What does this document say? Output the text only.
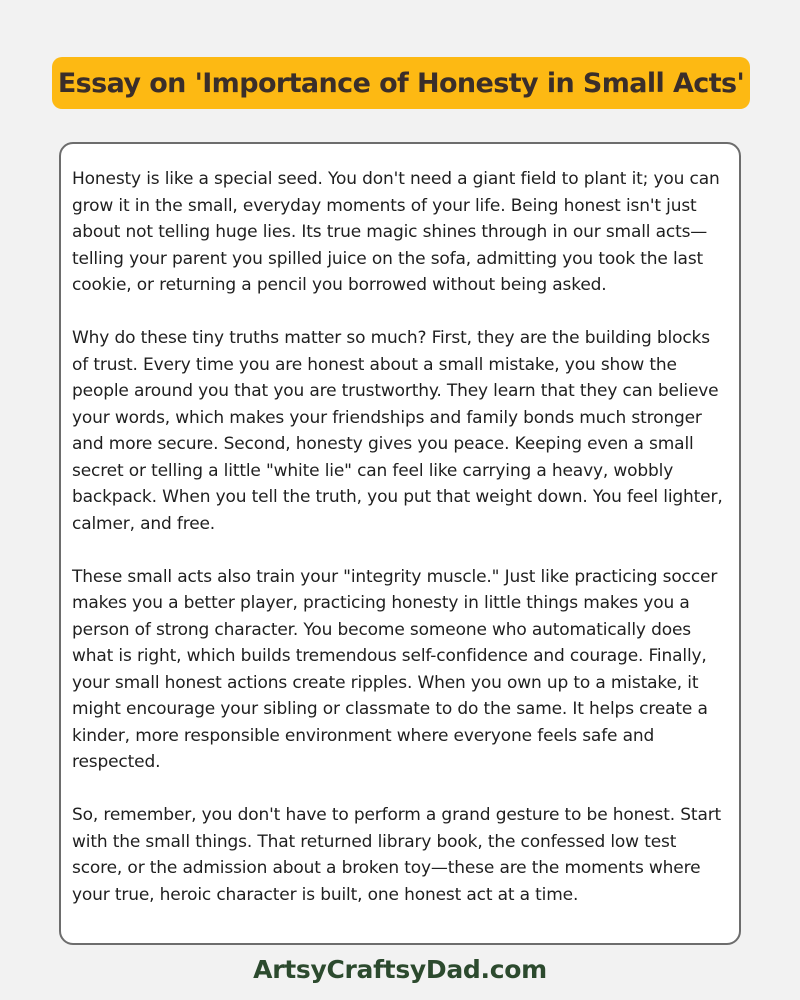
Essay on 'Importance of Honesty in Small Acts'

Honesty is like a special seed. You don't need a giant field to plant it; you can grow it in the small, everyday moments of your life. Being honest isn't just about not telling huge lies. Its true magic shines through in our small acts—telling your parent you spilled juice on the sofa, admitting you took the last cookie, or returning a pencil you borrowed without being asked.

Why do these tiny truths matter so much? First, they are the building blocks of trust. Every time you are honest about a small mistake, you show the people around you that you are trustworthy. They learn that they can believe your words, which makes your friendships and family bonds much stronger and more secure. Second, honesty gives you peace. Keeping even a small secret or telling a little "white lie" can feel like carrying a heavy, wobbly backpack. When you tell the truth, you put that weight down. You feel lighter, calmer, and free.

These small acts also train your "integrity muscle." Just like practicing soccer makes you a better player, practicing honesty in little things makes you a person of strong character. You become someone who automatically does what is right, which builds tremendous self-confidence and courage. Finally, your small honest actions create ripples. When you own up to a mistake, it might encourage your sibling or classmate to do the same. It helps create a kinder, more responsible environment where everyone feels safe and respected.

So, remember, you don't have to perform a grand gesture to be honest. Start with the small things. That returned library book, the confessed low test score, or the admission about a broken toy—these are the moments where your true, heroic character is built, one honest act at a time.

ArtsyCraftsyDad.com
